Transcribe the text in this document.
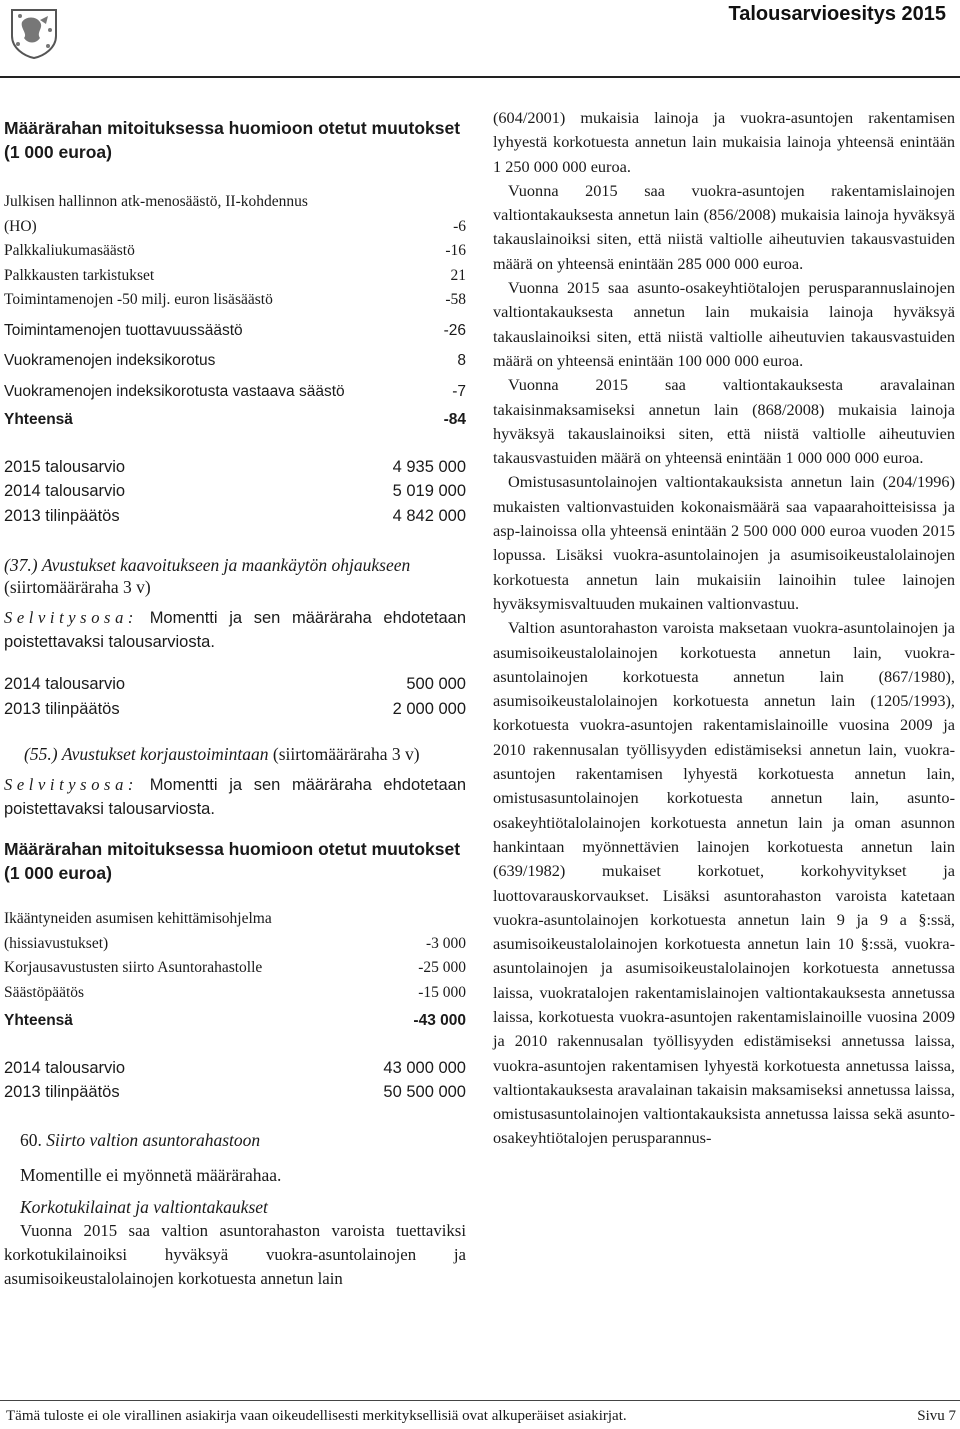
Talousarvioesitys 2015
Määrärahan mitoituksessa huomioon otetut muutokset (1 000 euroa)
Julkisen hallinnon atk-menosäästö, II-kohdennus
(HO)	-6
Palkkaliukumasäästö	-16
Palkkausten tarkistukset	21
Toimintamenojen -50 milj. euron lisäsäästö	-58
Toimintamenojen tuottavuussäästö	-26
Vuokramenojen indeksikorotus	8
Vuokramenojen indeksikorotusta vastaava säästö	-7
Yhteensä	-84
2015 talousarvio	4 935 000
2014 talousarvio	5 019 000
2013 tilinpäätös	4 842 000
(37.) Avustukset kaavoitukseen ja maankäytön ohjaukseen (siirtomääräraha 3 v)
Selvitysosa: Momentti ja sen määräraha ehdotetaan poistettavaksi talousarviosta.
2014 talousarvio	500 000
2013 tilinpäätös	2 000 000
(55.) Avustukset korjaustoimintaan (siirtomääräraha 3 v)
Selvitysosa: Momentti ja sen määräraha ehdotetaan poistettavaksi talousarviosta.
Määrärahan mitoituksessa huomioon otetut muutokset (1 000 euroa)
Ikääntyneiden asumisen kehittämisohjelma (hissiavustukset)	-3 000
Korjausavustusten siirto Asuntorahastolle	-25 000
Säästöpäätös	-15 000
Yhteensä	-43 000
2014 talousarvio	43 000 000
2013 tilinpäätös	50 500 000
60. Siirto valtion asuntorahastoon
Momentille ei myönnetä määrärahaa.
Korkotukilainat ja valtiontakaukset

Vuonna 2015 saa valtion asuntorahaston varoista tuettaviksi korkotukilainoiksi hyväksyä vuokra-asuntolainojen ja asumisoikeustalolainojen korkotuesta annetun lain

(604/2001) mukaisia lainoja ja vuokra-asuntojen rakentamisen lyhyestä korkotuesta annetun lain mukaisia lainoja yhteensä enintään 1 250 000 000 euroa.

Vuonna 2015 saa vuokra-asuntojen rakentamislainojen valtiontakauksesta annetun lain (856/2008) mukaisia lainoja hyväksyä takauslainoiksi siten, että niistä valtiolle aiheutuvien takausvastuiden määrä on yhteensä enintään 285 000 000 euroa.

Vuonna 2015 saa asunto-osakeyhtiötalojen perusparannuslainojen valtiontakauksesta annetun lain mukaisia lainoja hyväksyä takauslainoiksi siten, että niistä valtiolle aiheutuvien takausvastuiden määrä on yhteensä enintään 100 000 000 euroa.

Vuonna 2015 saa valtiontakauksesta aravalainan takaisinmaksamiseksi annetun lain (868/2008) mukaisia lainoja hyväksyä takauslainoiksi siten, että niistä valtiolle aiheutuvien takausvastuiden määrä on yhteensä enintään 1 000 000 000 euroa.

Omistusasuntolainojen valtiontakauksista annetun lain (204/1996) mukaisten valtionvastuiden kokonaismäärä saa vapaarahoitteisissa ja asp-lainoissa olla yhteensä enintään 2 500 000 000 euroa vuoden 2015 lopussa. Lisäksi vuokra-asuntolainojen ja asumisoikeustalolainojen korkotuesta annetun lain mukaisiin lainoihin tulee lainojen hyväksymisvaltuuden mukainen valtionvastuu.

Valtion asuntorahaston varoista maksetaan vuokra-asuntolainojen ja asumisoikeustalolainojen korkotuesta annetun lain, vuokra-asuntolainojen korkotuesta annetun lain (867/1980), asumisoikeustalolainojen korkotuesta annetun lain (1205/1993), korkotuesta vuokra-asuntojen rakentamislainoille vuosina 2009 ja 2010 rakennusalan työllisyyden edistämiseksi annetun lain, vuokra-asuntojen rakentamisen lyhyestä korkotuesta annetun lain, omistusasuntolainojen korkotuesta annetun lain, asunto-osakeyhtiötalolainojen korkotuesta annetun lain ja oman asunnon hankintaan myönnettävien lainojen korkotuesta annetun lain (639/1982) mukaiset korkotuet, korkohyvitykset ja luottovarauskorvaukset. Lisäksi asuntorahaston varoista katetaan vuokra-asuntolainojen korkotuesta annetun lain 9 ja 9 a §:ssä, asumisoikeustalolainojen korkotuesta annetun lain 10 §:ssä, vuokra-asuntolainojen ja asumisoikeustalolainojen korkotuesta annetussa laissa, vuokratalojen rakentamislainojen valtiontakauksesta annetussa laissa, korkotuesta vuokra-asuntojen rakentamislainoille vuosina 2009 ja 2010 rakennusalan työllisyyden edistämiseksi annetussa laissa, vuokra-asuntojen rakentamisen lyhyestä korkotuesta annetussa laissa, valtiontakauksesta aravalainan takaisin maksamiseksi annetussa laissa, omistusasuntolainojen valtiontakauksista annetussa laissa sekä asunto-osakeyhtiötalojen perusparannus-

Tämä tuloste ei ole virallinen asiakirja vaan oikeudellisesti merkityksellisiä ovat alkuperäiset asiakirjat.	Sivu 7
